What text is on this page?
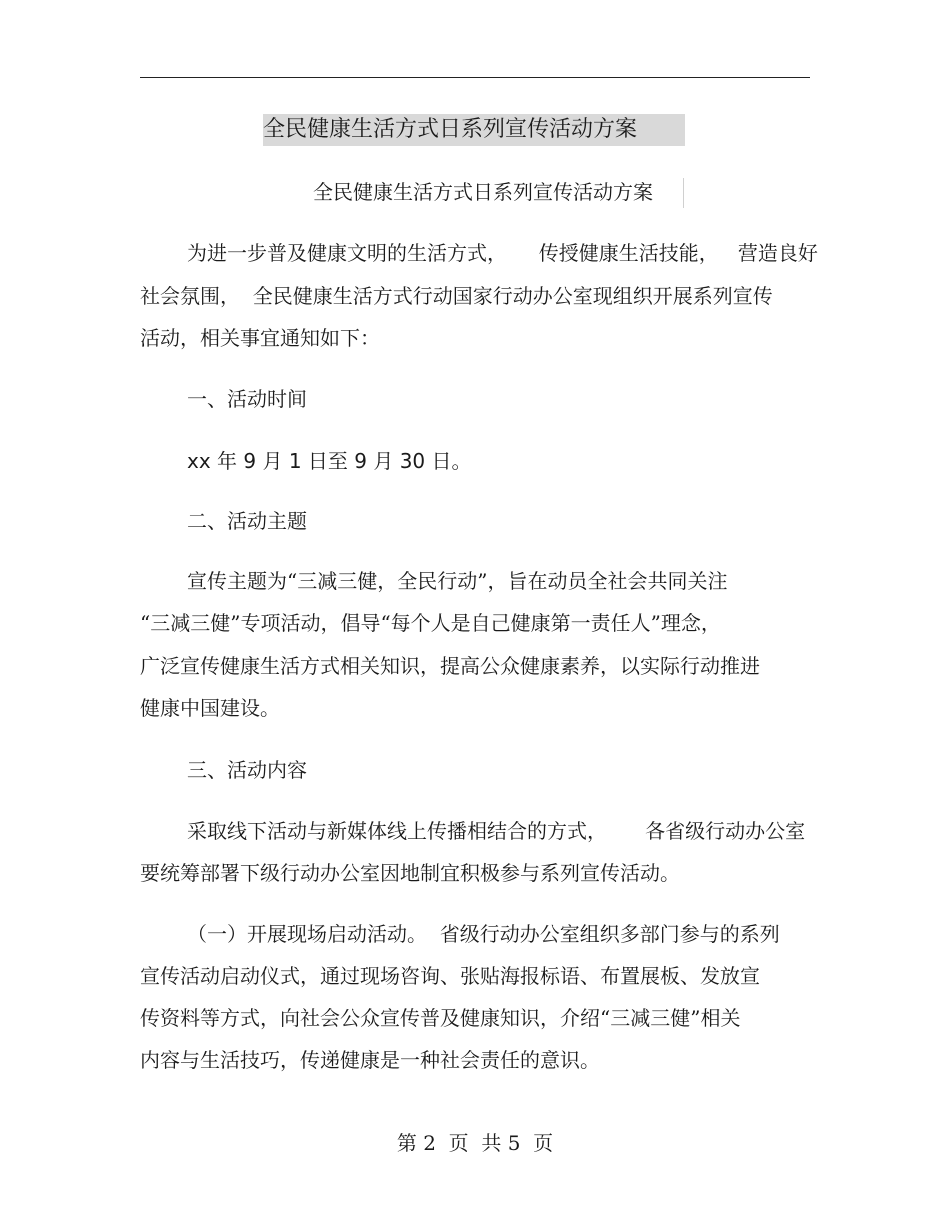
全民健康生活方式日系列宣传活动方案
全民健康生活方式日系列宣传活动方案
为进一步普及健康文明的生活方式，     传授健康生活技能，   营造良好
社会氛围，  全民健康生活方式行动国家行动办公室现组织开展系列宣传
活动，相关事宜通知如下：
一、活动时间
xx 年 9 月 1 日至 9 月 30 日。
二、活动主题
宣传主题为“三减三健，全民行动”，旨在动员全社会共同关注
“三减三健”专项活动，倡导“每个人是自己健康第一责任人”理念，
广泛宣传健康生活方式相关知识，提高公众健康素养，以实际行动推进
健康中国建设。
三、活动内容
采取线下活动与新媒体线上传播相结合的方式，      各省级行动办公室
要统筹部署下级行动办公室因地制宜积极参与系列宣传活动。
（一）开展现场启动活动。  省级行动办公室组织多部门参与的系列
宣传活动启动仪式，通过现场咨询、张贴海报标语、布置展板、发放宣
传资料等方式，向社会公众宣传普及健康知识，介绍“三减三健”相关
内容与生活技巧，传递健康是一种社会责任的意识。
第 2  页  共 5  页
